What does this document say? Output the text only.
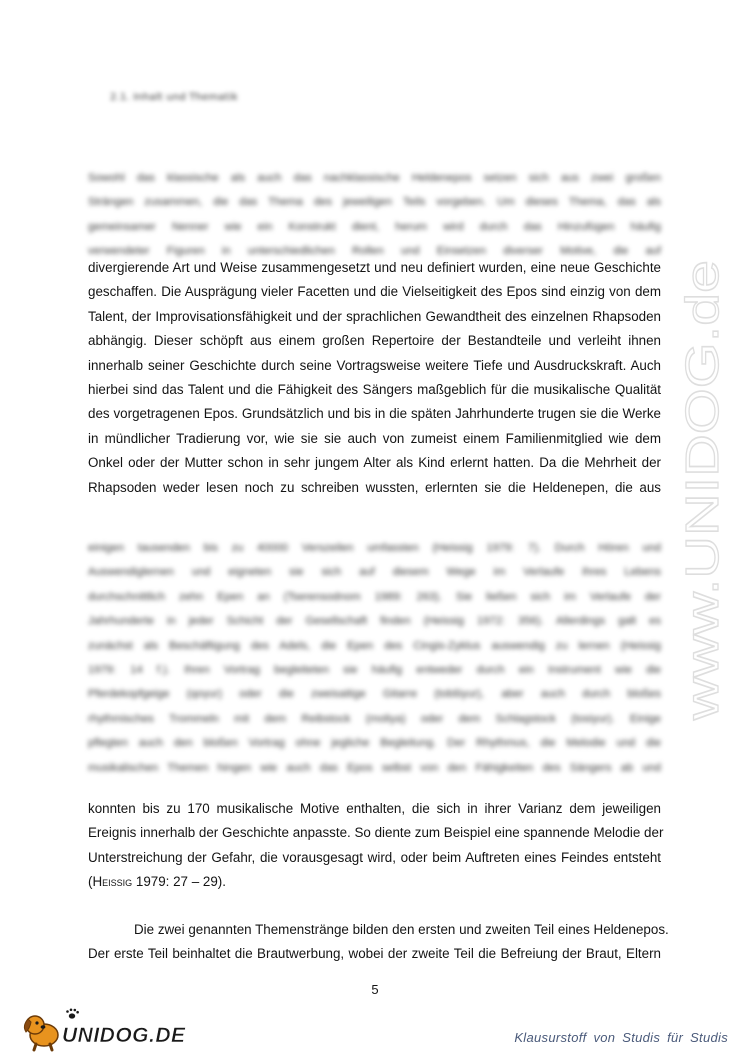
2.1. Inhalt und Thematik
Sowohl das klassische als auch das nachklassische Heldenepos setzen sich aus zwei großen
Strängen zusammen, die das Thema des jeweiligen Teils vorgeben. Um dieses Thema, das als
gemeinsamer Nenner wie ein Konstrukt dient, herum wird durch das Hinzufügen häufig
verwendeter Figuren in unterschiedlichen Rollen und Einsetzen diverser Motive, die auf
divergierende Art und Weise zusammengesetzt und neu definiert wurden, eine neue Geschichte
geschaffen. Die Ausprägung vieler Facetten und die Vielseitigkeit des Epos sind einzig von dem
Talent, der Improvisationsfähigkeit und der sprachlichen Gewandtheit des einzelnen Rhapsoden
abhängig. Dieser schöpft aus einem großen Repertoire der Bestandteile und verleiht ihnen
innerhalb seiner Geschichte durch seine Vortragsweise weitere Tiefe und Ausdruckskraft. Auch
hierbei sind das Talent und die Fähigkeit des Sängers maßgeblich für die musikalische Qualität
des vorgetragenen Epos. Grundsätzlich und bis in die späten Jahrhunderte trugen sie die Werke
in mündlicher Tradierung vor, wie sie sie auch von zumeist einem Familienmitglied wie dem
Onkel oder der Mutter schon in sehr jungem Alter als Kind erlernt hatten. Da die Mehrheit der
Rhapsoden weder lesen noch zu schreiben wussten, erlernten sie die Heldenepen, die aus
einigen tausenden bis zu 40000 Verszeilen umfassten (Heissig 1979: 7). Durch Hören und
Auswendiglernen und eigneten sie sich auf diesem Wege im Verlaufe ihres Lebens
durchschnittlich zehn Epen an (Tserensodnom 1989: 263). Sie ließen sich im Verlaufe der
Jahrhunderte in jeder Schicht der Gesellschaft finden (Heissig 1972: 356). Allerdings galt es
zunächst als Beschäftigung des Adels, die Epen des Cingis-Zyklus auswendig zu lernen (Heissig
1979: 14 f.). Ihren Vortrag begleiteten sie häufig entweder durch ein Instrument wie die
Pferdekopfgeige (qoγur) oder die zweisaitige Gitarre (tobšiyur), aber auch durch bloßes
rhythmisches Trommeln mit dem Reibstock (moliya) oder dem Schlagstock (tosiyur). Einige
pflegten auch den bloßen Vortrag ohne jegliche Begleitung. Der Rhythmus, die Melodie und die
musikalischen Themen hingen wie auch das Epos selbst von den Fähigkeiten des Sängers ab und
konnten bis zu 170 musikalische Motive enthalten, die sich in ihrer Varianz dem jeweiligen
Ereignis innerhalb der Geschichte anpasste. So diente zum Beispiel eine spannende Melodie der
Unterstreichung der Gefahr, die vorausgesagt wird, oder beim Auftreten eines Feindes entsteht
(Heissig 1979: 27 – 29).
Die zwei genannten Themenstränge bilden den ersten und zweiten Teil eines Heldenepos.
Der erste Teil beinhaltet die Brautwerbung, wobei der zweite Teil die Befreiung der Braut, Eltern
5
www.UNIDOG.de
UNIDOG.DE	Klausurstoff von Studis für Studis
